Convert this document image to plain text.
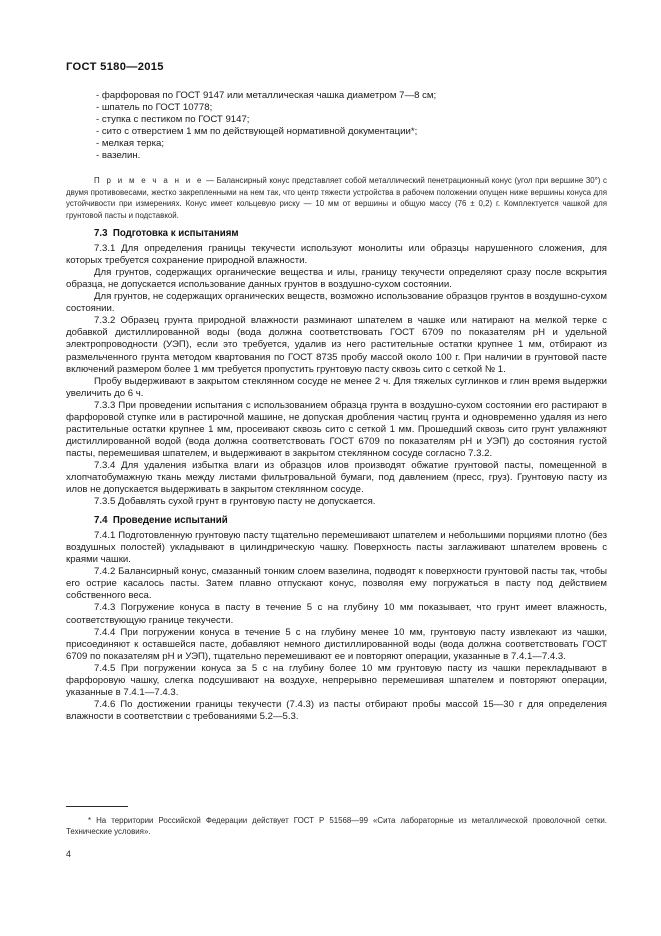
ГОСТ 5180—2015
- фарфоровая по ГОСТ 9147 или металлическая чашка диаметром 7—8 см;
- шпатель по ГОСТ 10778;
- ступка с пестиком по ГОСТ 9147;
- сито с отверстием 1 мм по действующей нормативной документации*;
- мелкая терка;
- вазелин.
П р и м е ч а н и е — Балансирный конус представляет собой металлический пенетрационный конус (угол при вершине 30°) с двумя противовесами, жестко закрепленными на нем так, что центр тяжести устройства в рабочем положении опущен ниже вершины конуса для устойчивости при измерениях. Конус имеет кольцевую риску — 10 мм от вершины и общую массу (76 ± 0,2) г. Комплектуется чашкой для грунтовой пасты и подставкой.
7.3 Подготовка к испытаниям

7.3.1 Для определения границы текучести используют монолиты или образцы нарушенного сложения, для которых требуется сохранение природной влажности.

Для грунтов, содержащих органические вещества и илы, границу текучести определяют сразу после вскрытия образца, не допускается использование данных грунтов в воздушно-сухом состоянии.

Для грунтов, не содержащих органических веществ, возможно использование образцов грунтов в воздушно-сухом состоянии.

7.3.2 Образец грунта природной влажности разминают шпателем в чашке или натирают на мелкой терке с добавкой дистиллированной воды (вода должна соответствовать ГОСТ 6709 по показателям рН и удельной электропроводности (УЭП), если это требуется, удалив из него растительные остатки крупнее 1 мм, отбирают из размельченного грунта методом квартования по ГОСТ 8735 пробу массой около 100 г. При наличии в грунтовой пасте включений размером более 1 мм требуется пропустить грунтовую пасту сквозь сито с сеткой № 1.

Пробу выдерживают в закрытом стеклянном сосуде не менее 2 ч. Для тяжелых суглинков и глин время выдержки увеличить до 6 ч.

7.3.3 При проведении испытания с использованием образца грунта в воздушно-сухом состоянии его растирают в фарфоровой ступке или в растирочной машине, не допуская дробления частиц грунта и одновременно удаляя из него растительные остатки крупнее 1 мм, просеивают сквозь сито с сеткой 1 мм. Прошедший сквозь сито грунт увлажняют дистиллированной водой (вода должна соответствовать ГОСТ 6709 по показателям рН и УЭП) до состояния густой пасты, перемешивая шпателем, и выдерживают в закрытом стеклянном сосуде согласно 7.3.2.

7.3.4 Для удаления избытка влаги из образцов илов производят обжатие грунтовой пасты, помещенной в хлопчатобумажную ткань между листами фильтровальной бумаги, под давлением (пресс, груз). Грунтовую пасту из илов не допускается выдерживать в закрытом стеклянном сосуде.

7.3.5 Добавлять сухой грунт в грунтовую пасту не допускается.

7.4 Проведение испытаний

7.4.1 Подготовленную грунтовую пасту тщательно перемешивают шпателем и небольшими порциями плотно (без воздушных полостей) укладывают в цилиндрическую чашку. Поверхность пасты заглаживают шпателем вровень с краями чашки.

7.4.2 Балансирный конус, смазанный тонким слоем вазелина, подводят к поверхности грунтовой пасты так, чтобы его острие касалось пасты. Затем плавно отпускают конус, позволяя ему погружаться в пасту под действием собственного веса.

7.4.3 Погружение конуса в пасту в течение 5 с на глубину 10 мм показывает, что грунт имеет влажность, соответствующую границе текучести.

7.4.4 При погружении конуса в течение 5 с на глубину менее 10 мм, грунтовую пасту извлекают из чашки, присоединяют к оставшейся пасте, добавляют немного дистиллированной воды (вода должна соответствовать ГОСТ 6709 по показателям рН и УЭП), тщательно перемешивают ее и повторяют операции, указанные в 7.4.1—7.4.3.

7.4.5 При погружении конуса за 5 с на глубину более 10 мм грунтовую пасту из чашки перекладывают в фарфоровую чашку, слегка подсушивают на воздухе, непрерывно перемешивая шпателем и повторяют операции, указанные в 7.4.1—7.4.3.

7.4.6 По достижении границы текучести (7.4.3) из пасты отбирают пробы массой 15—30 г для определения влажности в соответствии с требованиями 5.2—5.3.

* На территории Российской Федерации действует ГОСТ Р 51568—99 «Сита лабораторные из металлической проволочной сетки. Технические условия».

4
